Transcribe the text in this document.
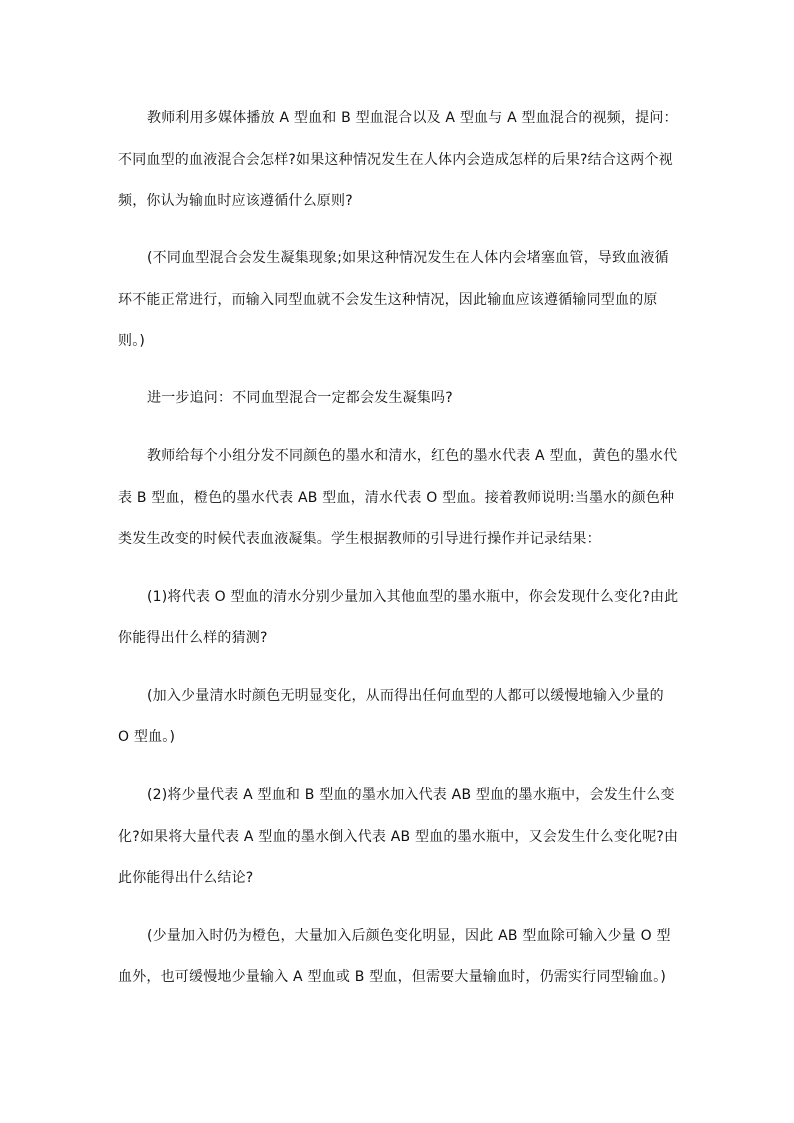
教师利用多媒体播放 A 型血和 B 型血混合以及 A 型血与 A 型血混合的视频，提问：
不同血型的血液混合会怎样?如果这种情况发生在人体内会造成怎样的后果?结合这两个视
频，你认为输血时应该遵循什么原则?
(不同血型混合会发生凝集现象;如果这种情况发生在人体内会堵塞血管，导致血液循
环不能正常进行，而输入同型血就不会发生这种情况，因此输血应该遵循输同型血的原
则。)
进一步追问：不同血型混合一定都会发生凝集吗?
教师给每个小组分发不同颜色的墨水和清水，红色的墨水代表 A 型血，黄色的墨水代
表 B 型血，橙色的墨水代表 AB 型血，清水代表 O 型血。接着教师说明:当墨水的颜色种
类发生改变的时候代表血液凝集。学生根据教师的引导进行操作并记录结果：
(1)将代表 O 型血的清水分别少量加入其他血型的墨水瓶中，你会发现什么变化?由此
你能得出什么样的猜测?
(加入少量清水时颜色无明显变化，从而得出任何血型的人都可以缓慢地输入少量的
O 型血。)
(2)将少量代表 A 型血和 B 型血的墨水加入代表 AB 型血的墨水瓶中，会发生什么变
化?如果将大量代表 A 型血的墨水倒入代表 AB 型血的墨水瓶中，又会发生什么变化呢?由
此你能得出什么结论?
(少量加入时仍为橙色，大量加入后颜色变化明显，因此 AB 型血除可输入少量 O 型
血外，也可缓慢地少量输入 A 型血或 B 型血，但需要大量输血时，仍需实行同型输血。)
